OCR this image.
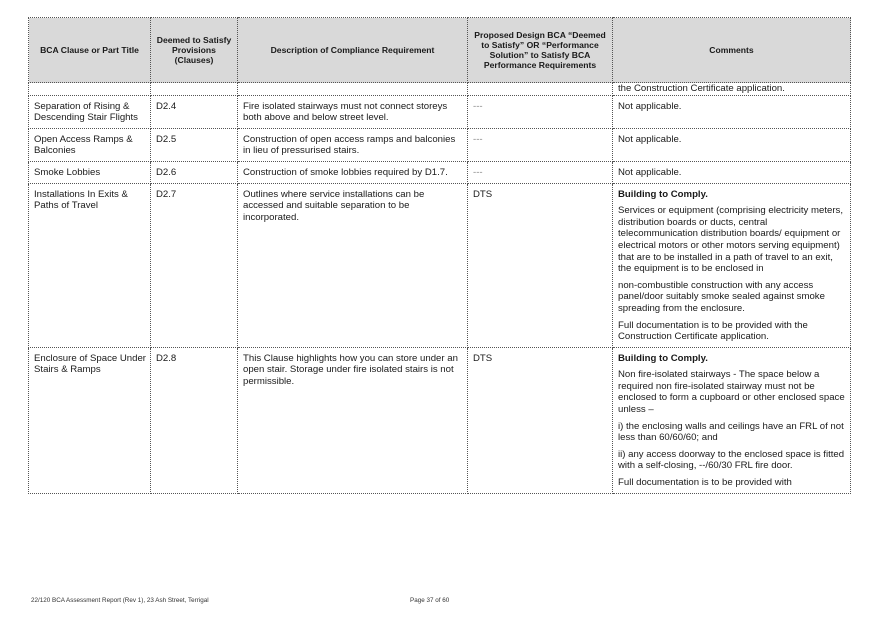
BCA Clause or Part Title	Deemed to Satisfy Provisions (Clauses)	Description of Compliance Requirement	Proposed Design BCA “Deemed to Satisfy” OR “Performance Solution” to Satisfy BCA Performance Requirements	Comments
				the Construction Certificate application.
Separation of Rising & Descending Stair Flights	D2.4	Fire isolated stairways must not connect storeys both above and below street level.	---	Not applicable.

Open Access Ramps & Balconies	D2.5	Construction of open access ramps and balconies in lieu of pressurised stairs.	---	Not applicable.

Smoke Lobbies	D2.6	Construction of smoke lobbies required by D1.7.	---	Not applicable.

Installations In Exits & Paths of Travel	D2.7	Outlines where service installations can be accessed and suitable separation to be incorporated.	DTS	Building to Comply.

Services or equipment (comprising electricity meters, distribution boards or ducts, central telecommunication distribution boards/ equipment or electrical motors or other motors serving equipment) that are to be installed in a path of travel to an exit, the equipment is to be enclosed in

non-combustible construction with any access panel/door suitably smoke sealed against smoke spreading from the enclosure.

Full documentation is to be provided with the Construction Certificate application.

Enclosure of Space Under Stairs & Ramps	D2.8	This Clause highlights how you can store under an open stair. Storage under fire isolated stairs is not permissible.	DTS	Building to Comply.

Non fire-isolated stairways - The space below a required non fire-isolated stairway must not be enclosed to form a cupboard or other enclosed space unless –

i) the enclosing walls and ceilings have an FRL of not less than 60/60/60; and

ii) any access doorway to the enclosed space is fitted with a self-closing, --/60/30 FRL fire door.

Full documentation is to be provided with

22/120 BCA Assessment Report (Rev 1), 23 Ash Street, Terrigal	Page 37 of 60
